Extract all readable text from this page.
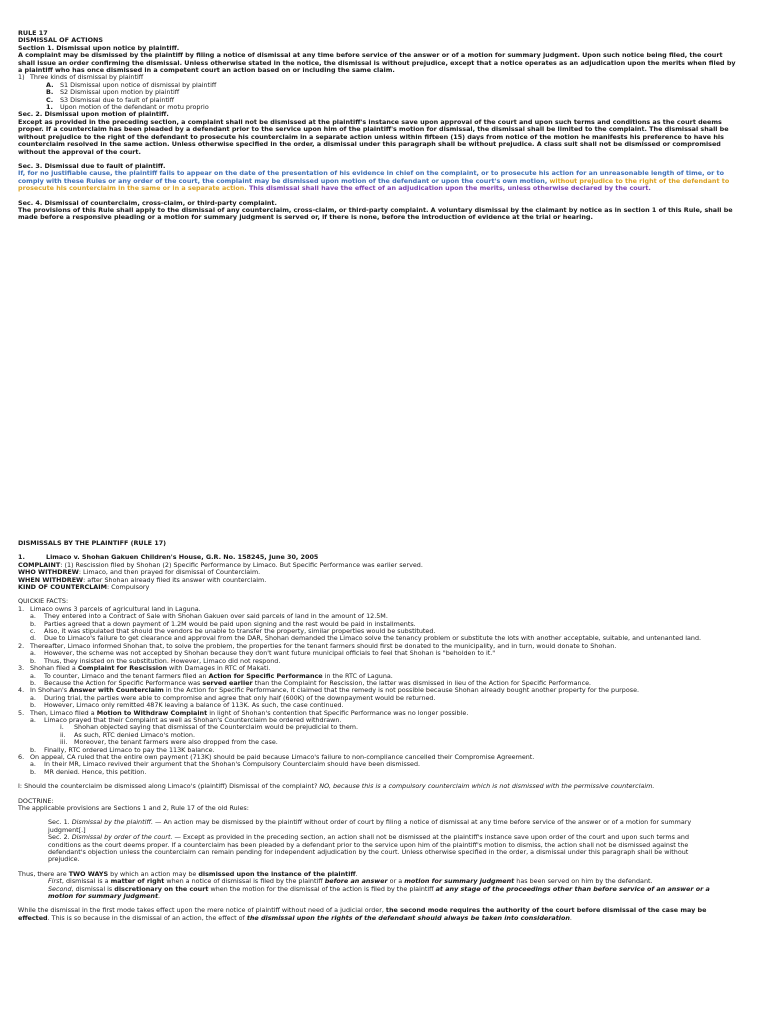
RULE 17

DISMISSAL OF ACTIONS

Section 1. Dismissal upon notice by plaintiff.

A complaint may be dismissed by the plaintiff by filing a notice of dismissal at any time before service of the answer or of a motion for summary judgment. Upon such notice being filed, the court shall issue an order confirming the dismissal. Unless otherwise stated in the notice, the dismissal is without prejudice, except that a notice operates as an adjudication upon the merits when filed by a plaintiff who has once dismissed in a competent court an action based on or including the same claim.

1) Three kinds of dismissal by plaintiff

A. S1 Dismissal upon notice of dismissal by plaintiff

B. S2 Dismissal upon motion by plaintiff

C. S3 Dismissal due to fault of plaintiff

1. Upon motion of the defendant or motu proprio

Sec. 2. Dismissal upon motion of plaintiff.

Except as provided in the preceding section, a complaint shall not be dismissed at the plaintiff's instance save upon approval of the court and upon such terms and conditions as the court deems proper. If a counterclaim has been pleaded by a defendant prior to the service upon him of the plaintiff's motion for dismissal, the dismissal shall be limited to the complaint. The dismissal shall be without prejudice to the right of the defendant to prosecute his counterclaim in a separate action unless within fifteen (15) days from notice of the motion he manifests his preference to have his counterclaim resolved in the same action. Unless otherwise specified in the order, a dismissal under this paragraph shall be without prejudice. A class suit shall not be dismissed or compromised without the approval of the court.

Sec. 3. Dismissal due to fault of plaintiff.

If, for no justifiable cause, the plaintiff fails to appear on the date of the presentation of his evidence in chief on the complaint, or to prosecute his action for an unreasonable length of time, or to comply with these Rules or any order of the court, the complaint may be dismissed upon motion of the defendant or upon the court's own motion, without prejudice to the right of the defendant to prosecute his counterclaim in the same or in a separate action. This dismissal shall have the effect of an adjudication upon the merits, unless otherwise declared by the court.

Sec. 4. Dismissal of counterclaim, cross-claim, or third-party complaint.

The provisions of this Rule shall apply to the dismissal of any counterclaim, cross-claim, or third-party complaint. A voluntary dismissal by the claimant by notice as in section 1 of this Rule, shall be made before a responsive pleading or a motion for summary judgment is served or, if there is none, before the introduction of evidence at the trial or hearing.

DISMISSALS BY THE PLAINTIFF (RULE 17)

1.	Limaco v. Shohan Gakuen Children's House, G.R. No. 158245, June 30, 2005

COMPLAINT: (1) Rescission filed by Shohan (2) Specific Performance by Limaco. But Specific Performance was earlier served.

WHO WITHDREW: Limaco, and then prayed for dismissal of Counterclaim.

WHEN WITHDREW: after Shohan already filed its answer with counterclaim.

KIND OF COUNTERCLAIM: Compulsory

QUICKIE FACTS:

1. Limaco owns 3 parcels of agricultural land in Laguna.

a. They entered into a Contract of Sale with Shohan Gakuen over said parcels of land in the amount of 12.5M.

b. Parties agreed that a down payment of 1.2M would be paid upon signing and the rest would be paid in installments.

c. Also, it was stipulated that should the vendors be unable to transfer the property, similar properties would be substituted.

d. Due to Limaco's failure to get clearance and approval from the DAR, Shohan demanded the Limaco solve the tenancy problem or substitute the lots with another acceptable, suitable, and untenanted land.

2. Thereafter, Limaco informed Shohan that, to solve the problem, the properties for the tenant farmers should first be donated to the municipality, and in turn, would donate to Shohan.

a. However, the scheme was not accepted by Shohan because they don't want future municipal officials to feel that Shohan is "beholden to it."

b. Thus, they insisted on the substitution. However, Limaco did not respond.

3. Shohan filed a Complaint for Rescission with Damages in RTC of Makati.

a. To counter, Limaco and the tenant farmers filed an Action for Specific Performance in the RTC of Laguna.

b. Because the Action for Specific Performance was served earlier than the Complaint for Rescission, the latter was dismissed in lieu of the Action for Specific Performance.

4. In Shohan's Answer with Counterclaim in the Action for Specific Performance, it claimed that the remedy is not possible because Shohan already bought another property for the purpose.

a. During trial, the parties were able to compromise and agree that only half (600K) of the downpayment would be returned.

b. However, Limaco only remitted 487K leaving a balance of 113K. As such, the case continued.

5. Then, Limaco filed a Motion to Withdraw Complaint in light of Shohan's contention that Specific Performance was no longer possible.

a. Limaco prayed that their Complaint as well as Shohan's Counterclaim be ordered withdrawn.

i. Shohan objected saying that dismissal of the Counterclaim would be prejudicial to them.

ii. As such, RTC denied Limaco's motion.

iii. Moreover, the tenant farmers were also dropped from the case.

b. Finally, RTC ordered Limaco to pay the 113K balance.

6. On appeal, CA ruled that the entire own payment (713K) should be paid because Limaco's failure to non-compliance cancelled their Compromise Agreement.

a. In their MR, Limaco revived their argument that the Shohan's Compulsory Counterclaim should have been dismissed.

b. MR denied. Hence, this petition.

I: Should the counterclaim be dismissed along Limaco's (plaintiff) Dismissal of the complaint? NO, because this is a compulsory counterclaim which is not dismissed with the permissive counterclaim.

DOCTRINE:

The applicable provisions are Sections 1 and 2, Rule 17 of the old Rules:

Sec. 1. Dismissal by the plaintiff. — An action may be dismissed by the plaintiff without order of court by filing a notice of dismissal at any time before service of the answer or of a motion for summary judgment[.]

Sec. 2. Dismissal by order of the court. — Except as provided in the preceding section, an action shall not be dismissed at the plaintiff's instance save upon order of the court and upon such terms and conditions as the court deems proper. If a counterclaim has been pleaded by a defendant prior to the service upon him of the plaintiff's motion to dismiss, the action shall not be dismissed against the defendant's objection unless the counterclaim can remain pending for independent adjudication by the court. Unless otherwise specified in the order, a dismissal under this paragraph shall be without prejudice.

Thus, there are TWO WAYS by which an action may be dismissed upon the instance of the plaintiff.

First, dismissal is a matter of right when a notice of dismissal is filed by the plaintiff before an answer or a motion for summary judgment has been served on him by the defendant.

Second, dismissal is discretionary on the court when the motion for the dismissal of the action is filed by the plaintiff at any stage of the proceedings other than before service of an answer or a motion for summary judgment.

While the dismissal in the first mode takes effect upon the mere notice of plaintiff without need of a judicial order, the second mode requires the authority of the court before dismissal of the case may be effected. This is so because in the dismissal of an action, the effect of the dismissal upon the rights of the defendant should always be taken into consideration.
